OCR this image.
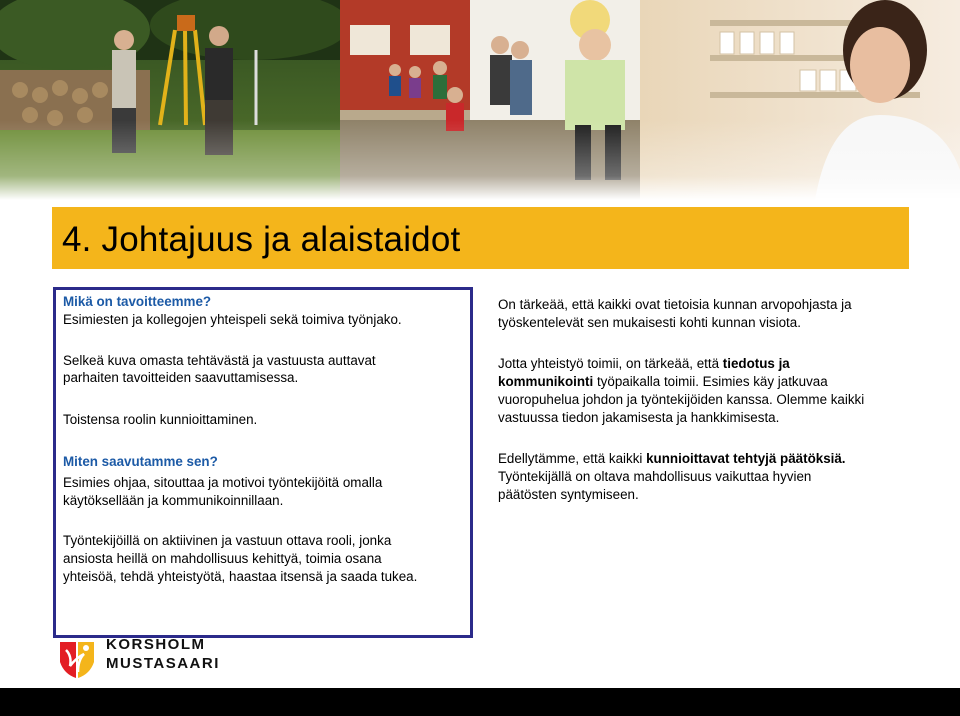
4. Johtajuus ja alaistaidot
Mikä on tavoitteemme?
Esimiesten ja kollegojen yhteispeli sekä toimiva työnjako.
Selkeä kuva omasta tehtävästä ja vastuusta auttavat
parhaiten tavoitteiden saavuttamisessa.
Toistensa roolin kunnioittaminen.
Miten saavutamme sen?
Esimies ohjaa, sitouttaa ja motivoi työntekijöitä omalla
käytöksellään ja kommunikoinnillaan.
Työntekijöillä on aktiivinen ja vastuun ottava rooli, jonka
ansiosta heillä on mahdollisuus kehittyä, toimia osana
yhteisöä, tehdä yhteistyötä, haastaa itsensä ja saada tukea.
On tärkeää, että kaikki ovat tietoisia kunnan arvopohjasta ja
työskentelevät sen mukaisesti kohti kunnan visiota.
Jotta yhteistyö toimii, on tärkeää, että tiedotus ja
kommunikointi työpaikalla toimii. Esimies käy jatkuvaa
vuoropuhelua johdon ja työntekijöiden kanssa. Olemme kaikki
vastuussa tiedon jakamisesta ja hankkimisesta.
Edellytämme, että kaikki kunnioittavat tehtyjä päätöksiä.
Työntekijällä on oltava mahdollisuus vaikuttaa hyvien
päätösten syntymiseen.
KORSHOLM
MUSTASAARI
